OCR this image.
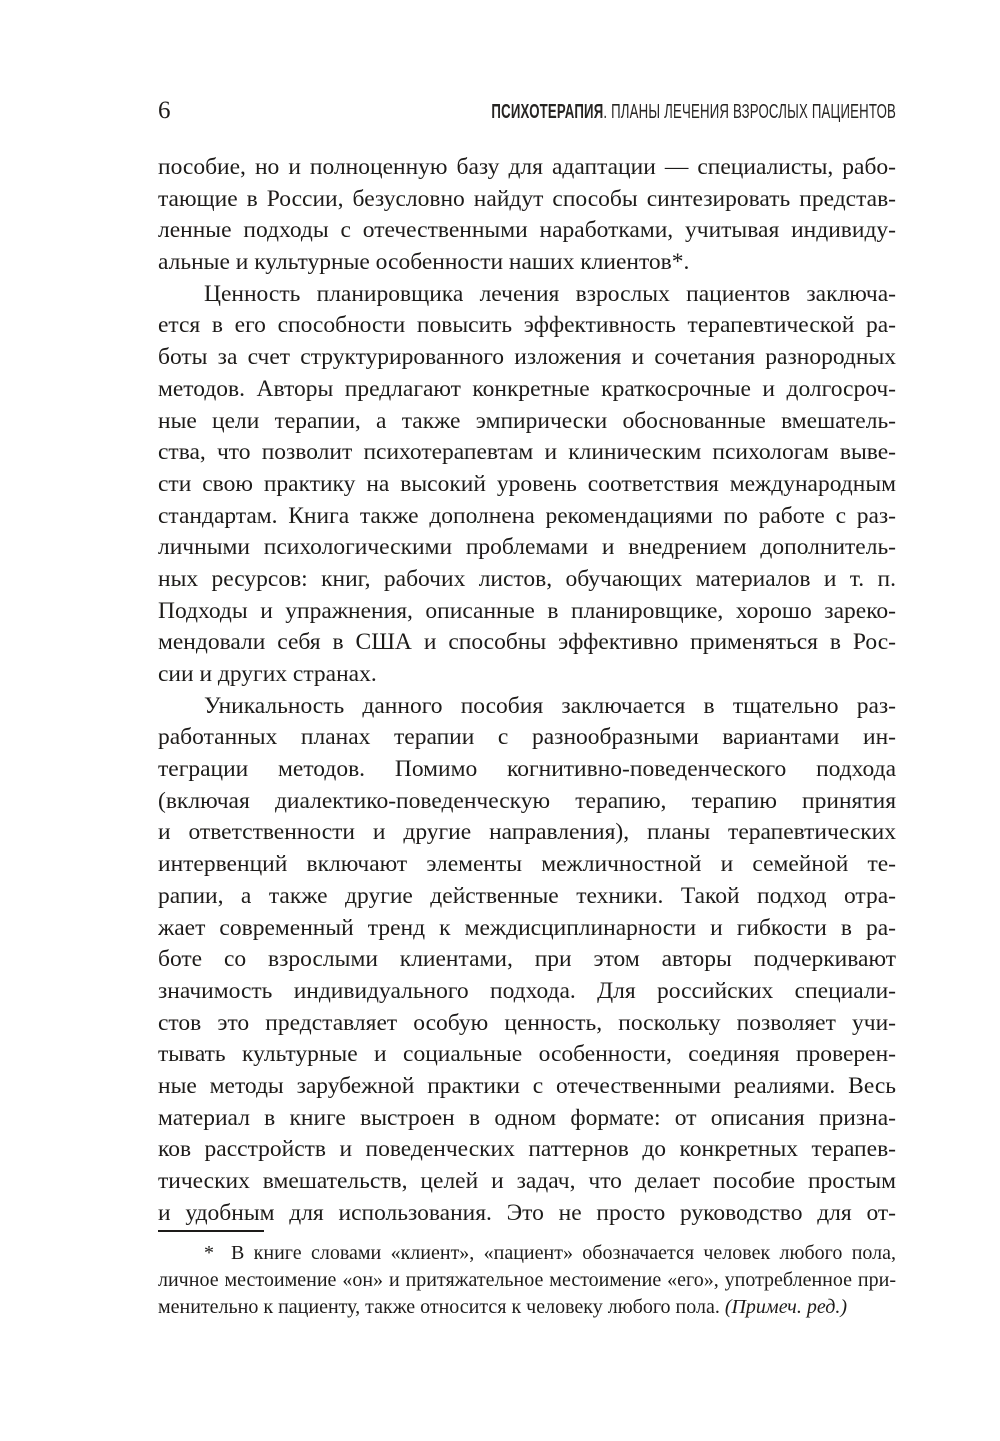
6	ПСИХОТЕРАПИЯ. ПЛАНЫ ЛЕЧЕНИЯ ВЗРОСЛЫХ ПАЦИЕНТОВ
пособие, но и полноценную базу для адаптации — специалисты, рабо-
тающие в России, безусловно найдут способы синтезировать представ-
ленные подходы с отечественными наработками, учитывая индивиду-
альные и культурные особенности наших клиентов*.
Ценность планировщика лечения взрослых пациентов заключа-
ется в его способности повысить эффективность терапевтической ра-
боты за счет структурированного изложения и сочетания разнородных
методов. Авторы предлагают конкретные краткосрочные и долгосроч-
ные цели терапии, а также эмпирически обоснованные вмешатель-
ства, что позволит психотерапевтам и клиническим психологам выве-
сти свою практику на высокий уровень соответствия международным
стандартам. Книга также дополнена рекомендациями по работе с раз-
личными психологическими проблемами и внедрением дополнитель-
ных ресурсов: книг, рабочих листов, обучающих материалов и т. п.
Подходы и упражнения, описанные в планировщике, хорошо зареко-
мендовали себя в США и способны эффективно применяться в Рос-
сии и других странах.
Уникальность данного пособия заключается в тщательно раз-
работанных планах терапии с разнообразными вариантами ин-
теграции методов. Помимо когнитивно-поведенческого подхода
(включая диалектико-поведенческую терапию, терапию принятия
и ответственности и другие направления), планы терапевтических
интервенций включают элементы межличностной и семейной те-
рапии, а также другие действенные техники. Такой подход отра-
жает современный тренд к междисциплинарности и гибкости в ра-
боте со взрослыми клиентами, при этом авторы подчеркивают
значимость индивидуального подхода. Для российских специали-
стов это представляет особую ценность, поскольку позволяет учи-
тывать культурные и социальные особенности, соединяя проверен-
ные методы зарубежной практики с отечественными реалиями. Весь
материал в книге выстроен в одном формате: от описания призна-
ков расстройств и поведенческих паттернов до конкретных терапев-
тических вмешательств, целей и задач, что делает пособие простым
и удобным для использования. Это не просто руководство для от-
* В книге словами «клиент», «пациент» обозначается человек любого пола,
личное местоимение «он» и притяжательное местоимение «его», употребленное при-
менительно к пациенту, также относится к человеку любого пола. (Примеч. ред.)
